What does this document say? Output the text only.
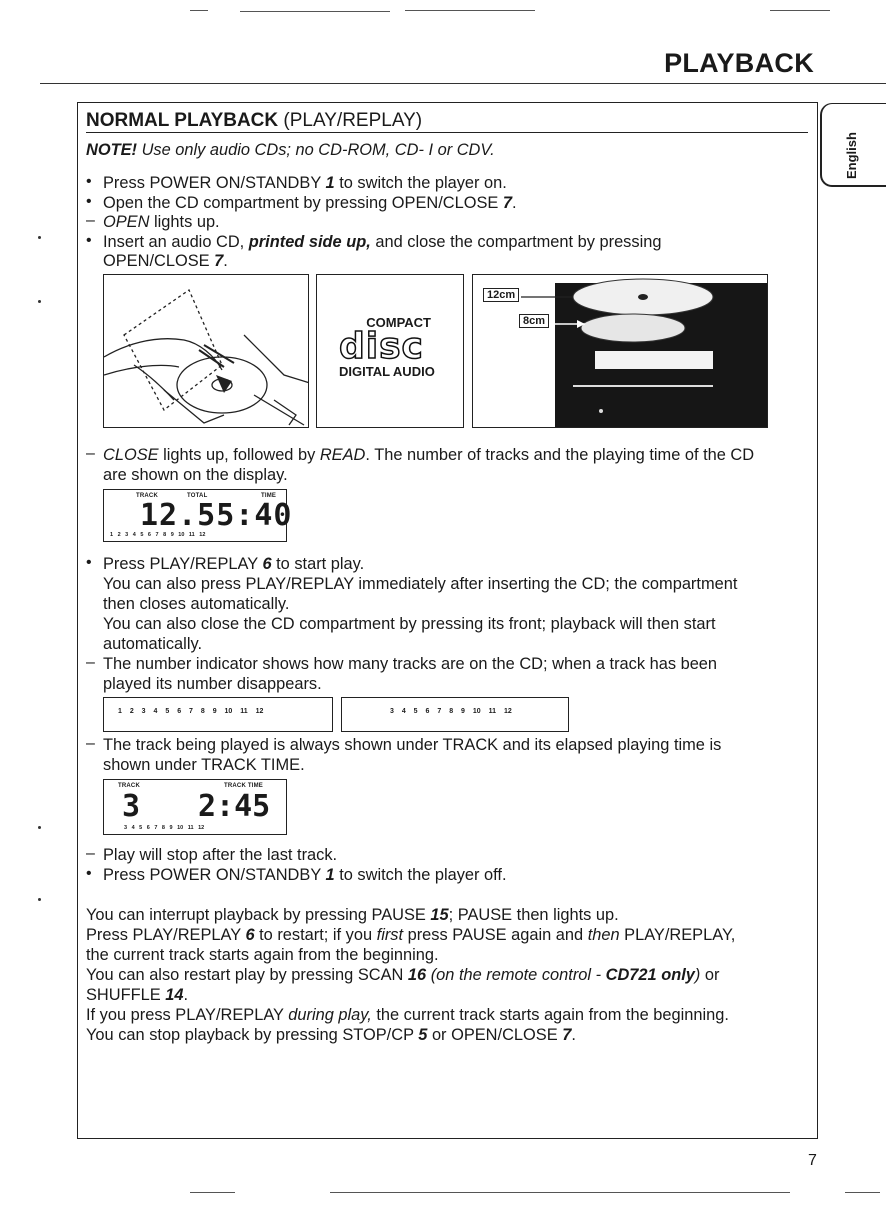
PLAYBACK
English
NORMAL PLAYBACK (PLAY/REPLAY)
NOTE! Use only audio CDs; no CD-ROM, CD- I or CDV.
• Press POWER ON/STANDBY 1 to switch the player on.
• Open the CD compartment by pressing OPEN/CLOSE 7.
– OPEN lights up.
• Insert an audio CD, printed side up, and close the compartment by pressing
OPEN/CLOSE 7.
COMPACT
disc
DIGITAL AUDIO
12cm
8cm
– CLOSE lights up, followed by READ. The number of tracks and the playing time of the CD
are shown on the display.
TRACK	TOTAL	TIME
12.55:40
1 2 3 4 5 6 7 8 9 10 11 12
• Press PLAY/REPLAY 6 to start play.
You can also press PLAY/REPLAY immediately after inserting the CD; the compartment
then closes automatically.
You can also close the CD compartment by pressing its front; playback will then start
automatically.
– The number indicator shows how many tracks are on the CD; when a track has been
played its number disappears.
1 2 3 4 5 6 7 8 9 10 11 12	3 4 5 6 7 8 9 10 11 12
– The track being played is always shown under TRACK and its elapsed playing time is
shown under TRACK TIME.
TRACK	TRACK TIME
3 2:45
3 4 5 6 7 8 9 10 11 12
– Play will stop after the last track.
• Press POWER ON/STANDBY 1 to switch the player off.
You can interrupt playback by pressing PAUSE 15; PAUSE then lights up.
Press PLAY/REPLAY 6 to restart; if you first press PAUSE again and then PLAY/REPLAY,
the current track starts again from the beginning.
You can also restart play by pressing SCAN 16 (on the remote control - CD721 only) or
SHUFFLE 14.
If you press PLAY/REPLAY during play, the current track starts again from the beginning.
You can stop playback by pressing STOP/CP 5 or OPEN/CLOSE 7.
7
